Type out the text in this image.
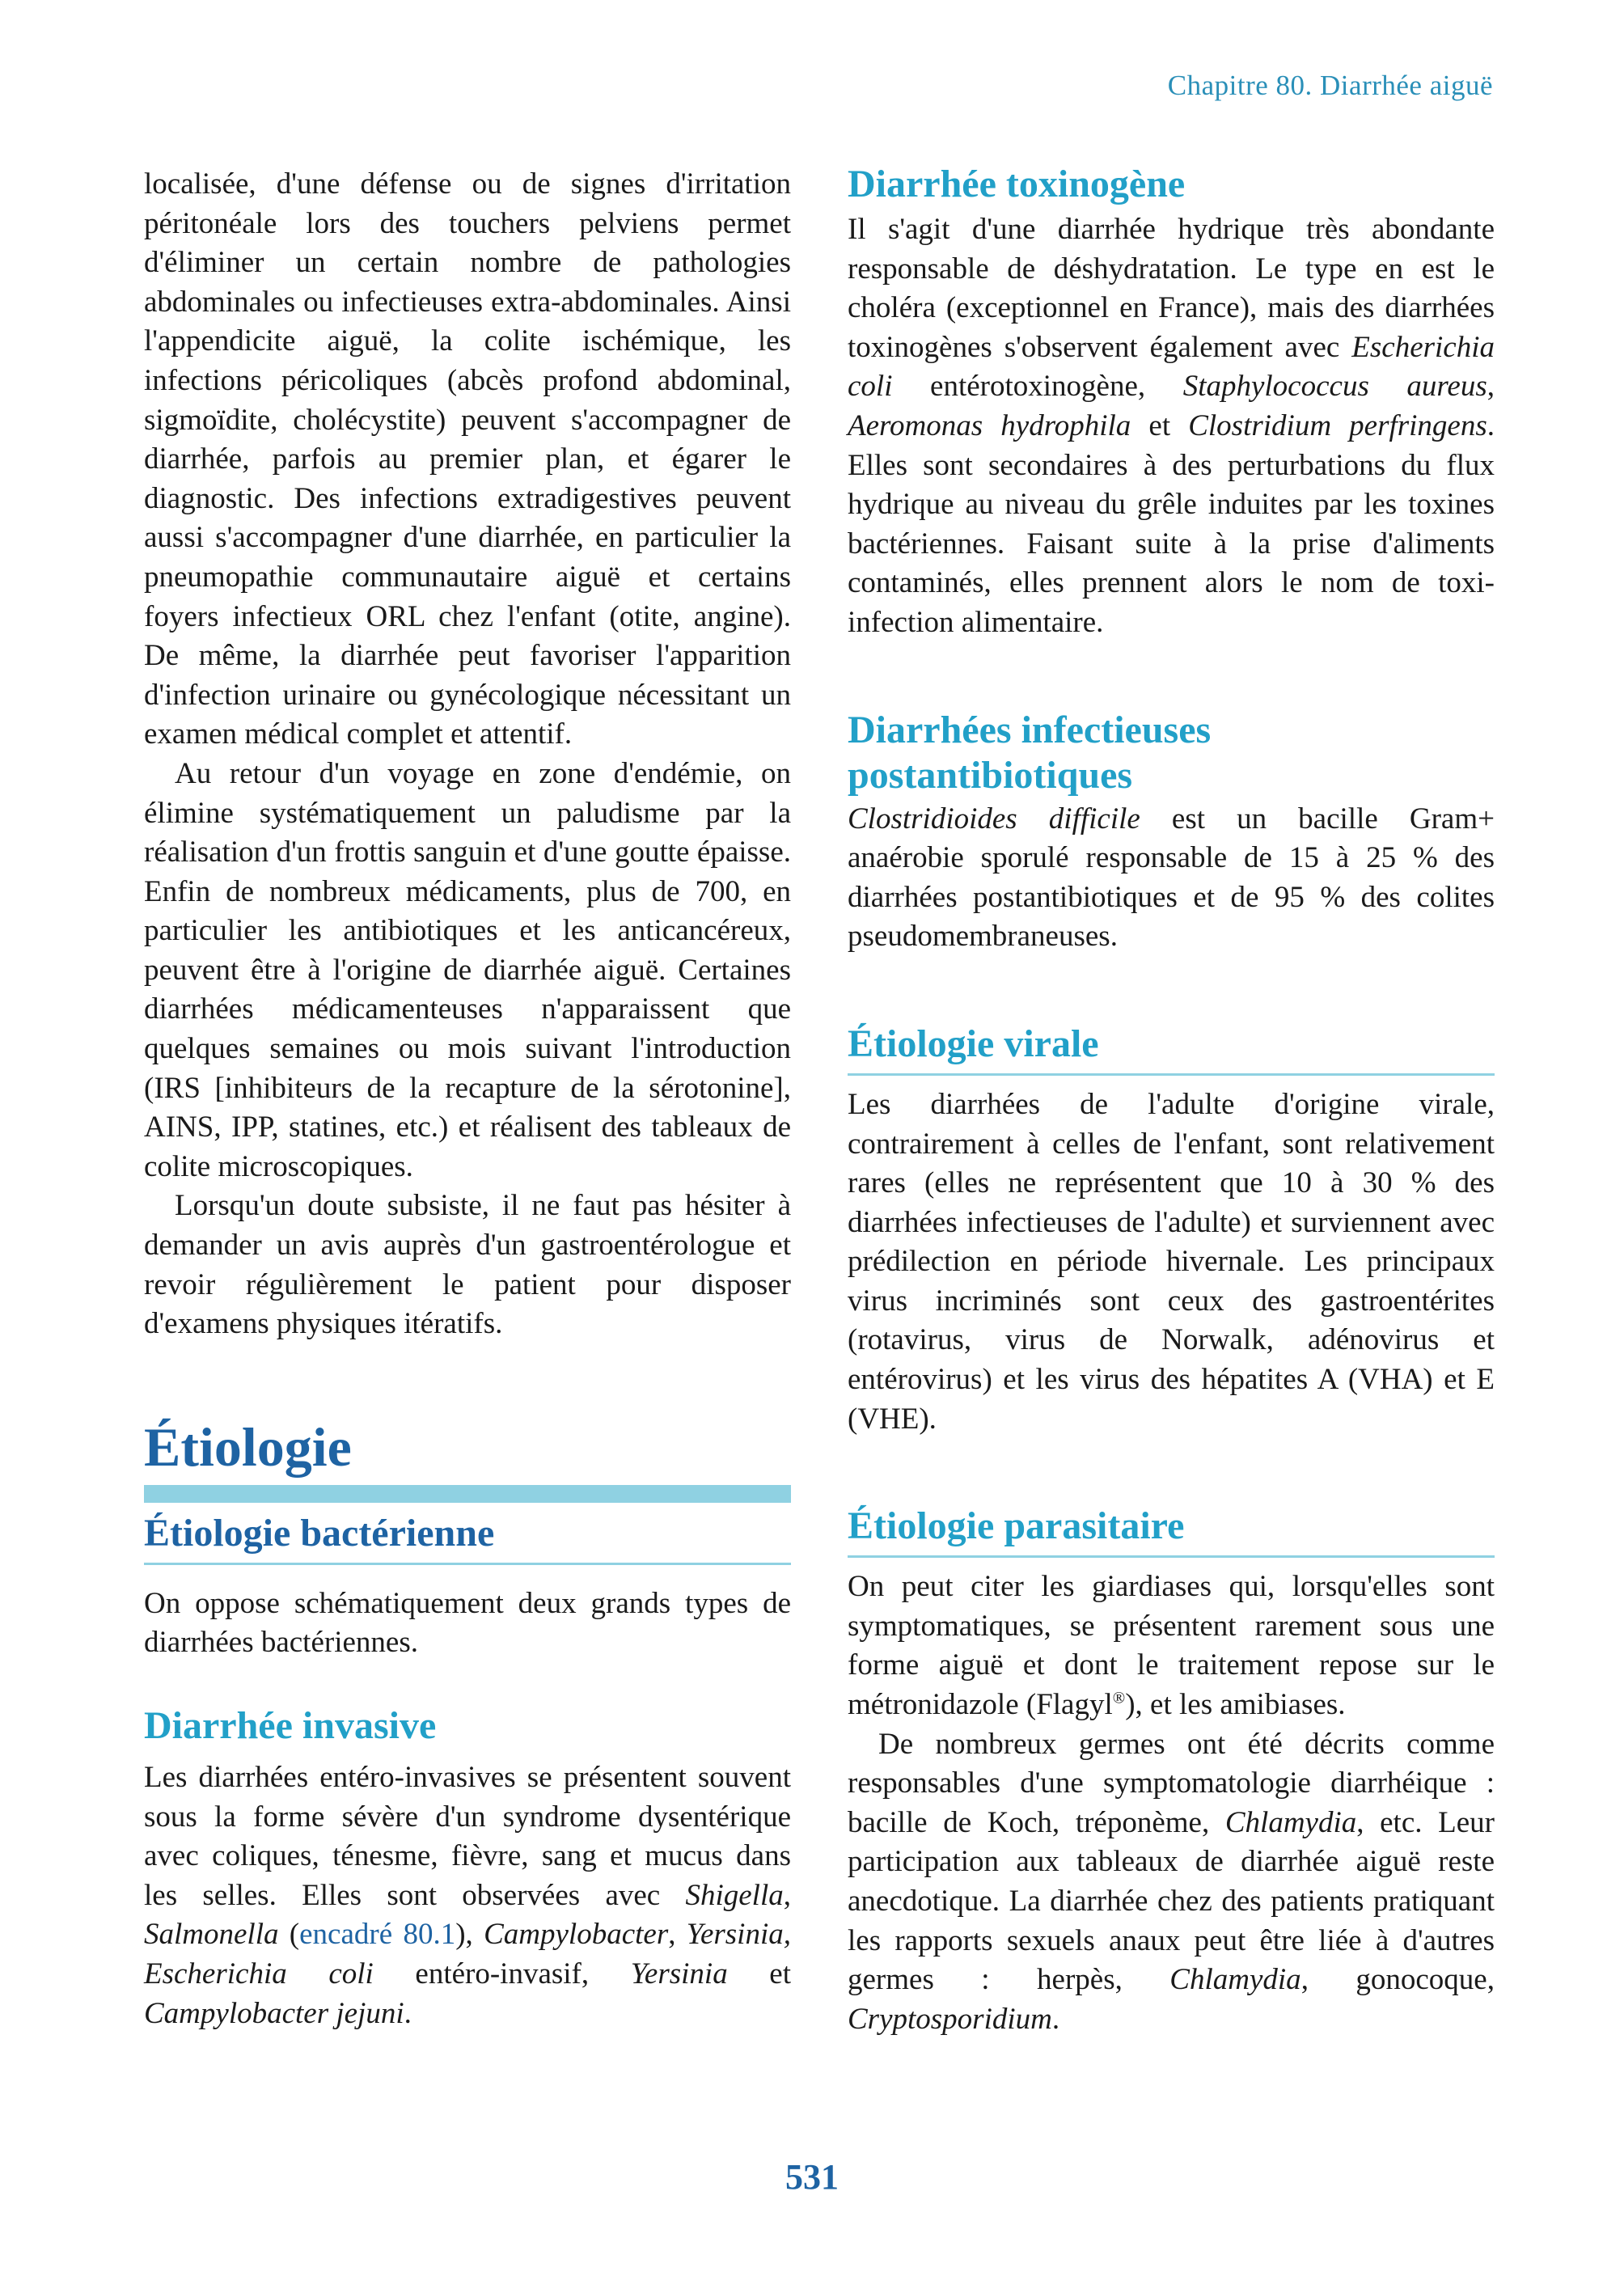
Chapitre 80. Diarrhée aiguë

localisée, d'une défense ou de signes d'irritation péritonéale lors des touchers pelviens permet d'éliminer un certain nombre de pathologies abdominales ou infectieuses extra-abdominales. Ainsi l'appendicite aiguë, la colite ischémique, les infections péricoliques (abcès profond abdominal, sigmoïdite, cholécystite) peuvent s'accompagner de diarrhée, parfois au premier plan, et égarer le diagnostic. Des infections extradigestives peuvent aussi s'accompagner d'une diarrhée, en particulier la pneumopathie communautaire aiguë et certains foyers infectieux ORL chez l'enfant (otite, angine). De même, la diarrhée peut favoriser l'apparition d'infection urinaire ou gynécologique nécessitant un examen médical complet et attentif.

Au retour d'un voyage en zone d'endémie, on élimine systématiquement un paludisme par la réalisation d'un frottis sanguin et d'une goutte épaisse. Enfin de nombreux médicaments, plus de 700, en particulier les antibiotiques et les anticancéreux, peuvent être à l'origine de diarrhée aiguë. Certaines diarrhées médicamenteuses n'apparaissent que quelques semaines ou mois suivant l'introduction (IRS [inhibiteurs de la recapture de la sérotonine], AINS, IPP, statines, etc.) et réalisent des tableaux de colite microscopiques.

Lorsqu'un doute subsiste, il ne faut pas hésiter à demander un avis auprès d'un gastroentérologue et revoir régulièrement le patient pour disposer d'examens physiques itératifs.

Étiologie
Étiologie bactérienne

On oppose schématiquement deux grands types de diarrhées bactériennes.

Diarrhée invasive

Les diarrhées entéro-invasives se présentent souvent sous la forme sévère d'un syndrome dysentérique avec coliques, ténesme, fièvre, sang et mucus dans les selles. Elles sont observées avec Shigella, Salmonella (encadré 80.1), Campylobacter, Yersinia, Escherichia coli entéro-invasif, Yersinia et Campylobacter jejuni.

Diarrhée toxinogène

Il s'agit d'une diarrhée hydrique très abondante responsable de déshydratation. Le type en est le choléra (exceptionnel en France), mais des diarrhées toxinogènes s'observent également avec Escherichia coli entérotoxinogène, Staphylococcus aureus, Aeromonas hydrophila et Clostridium perfringens. Elles sont secondaires à des perturbations du flux hydrique au niveau du grêle induites par les toxines bactériennes. Faisant suite à la prise d'aliments contaminés, elles prennent alors le nom de toxi-infection alimentaire.

Diarrhées infectieuses postantibiotiques

Clostridioides difficile est un bacille Gram+ anaérobie sporulé responsable de 15 à 25 % des diarrhées postantibiotiques et de 95 % des colites pseudomembraneuses.

Étiologie virale

Les diarrhées de l'adulte d'origine virale, contrairement à celles de l'enfant, sont relativement rares (elles ne représentent que 10 à 30 % des diarrhées infectieuses de l'adulte) et surviennent avec prédilection en période hivernale. Les principaux virus incriminés sont ceux des gastroentérites (rotavirus, virus de Norwalk, adénovirus et entérovirus) et les virus des hépatites A (VHA) et E (VHE).

Étiologie parasitaire

On peut citer les giardiases qui, lorsqu'elles sont symptomatiques, se présentent rarement sous une forme aiguë et dont le traitement repose sur le métronidazole (Flagyl®), et les amibiases.

De nombreux germes ont été décrits comme responsables d'une symptomatologie diarrhéique : bacille de Koch, tréponème, Chlamydia, etc. Leur participation aux tableaux de diarrhée aiguë reste anecdotique. La diarrhée chez des patients pratiquant les rapports sexuels anaux peut être liée à d'autres germes : herpès, Chlamydia, gonocoque, Cryptosporidium.

531
